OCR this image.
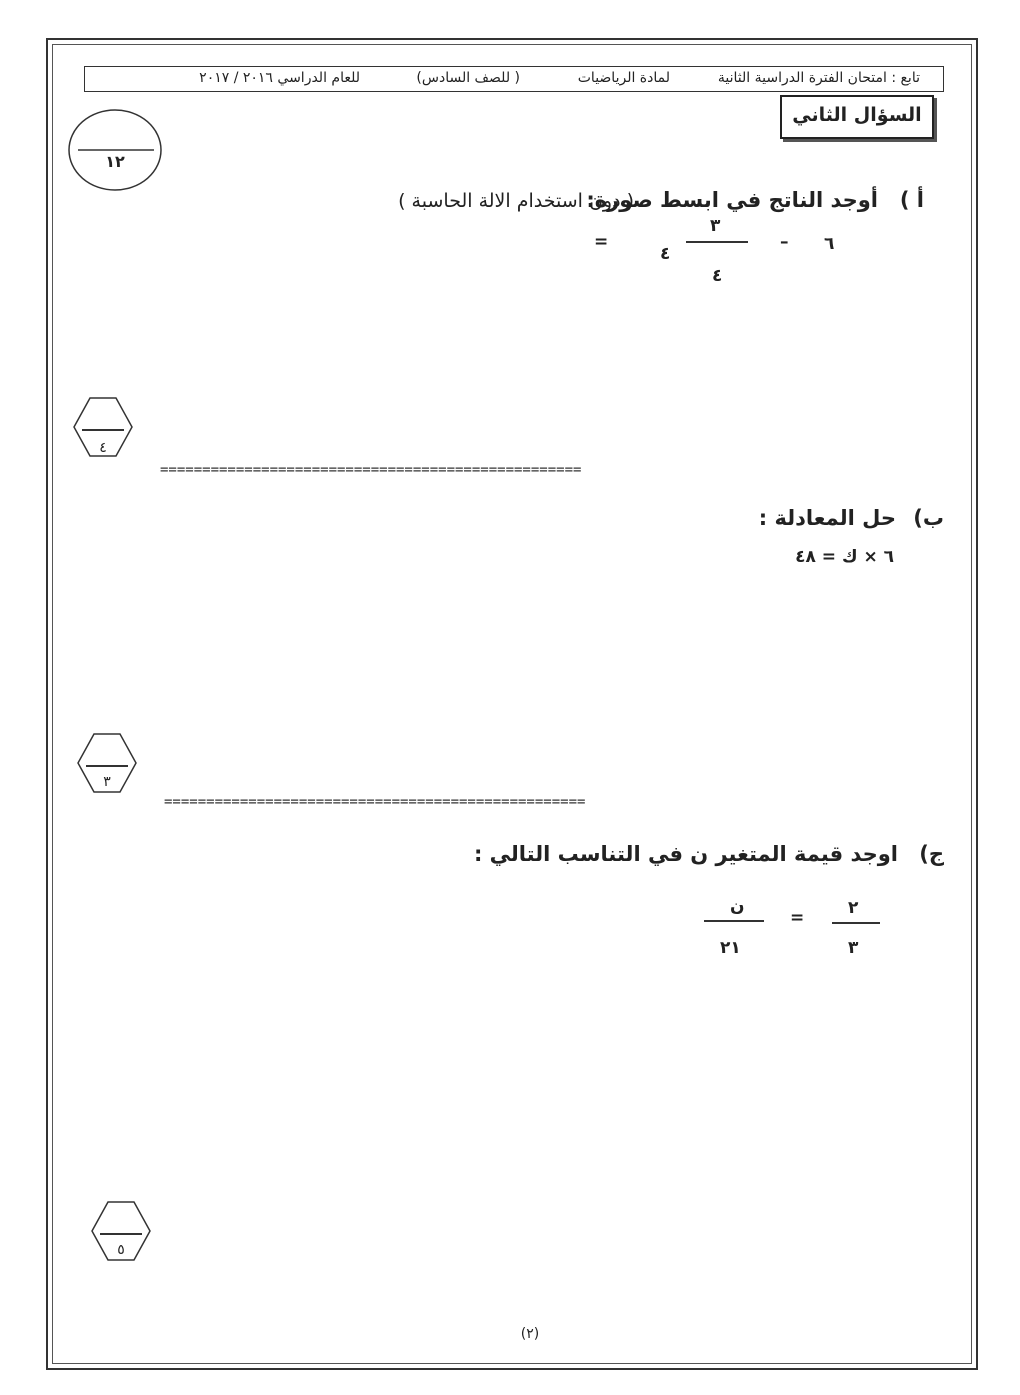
تابع : امتحان الفترة الدراسية الثانية
لمادة الرياضيات
( للصف السادس)
للعام الدراسي ٢٠١٦ / ٢٠١٧
السؤال الثاني
١٢
أ )
أوجد الناتج في ابسط صورة:
( دون استخدام الالة الحاسبة )
٦
–
٣
٤
٤
=
٤
==================================================
ب)
حل المعادلة :
٦ × ك = ٤٨
٣
==================================================
ج)
اوجد قيمة المتغير ن في التناسب التالي :
٢
٣
=
ن
٢١
٥
(٢)
